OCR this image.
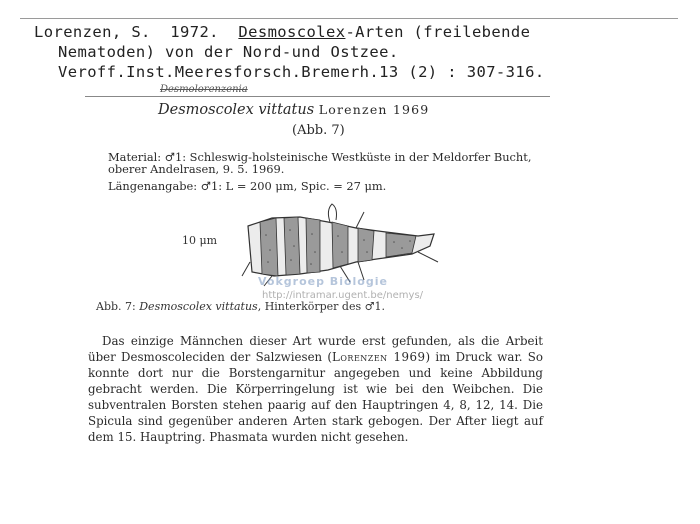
Lorenzen, S.  1972.  Desmoscolex-Arten (freilebende
Nematoden) von der Nord-und Ostzee.
Veroff.Inst.Meeresforsch.Bremerh.13 (2) : 307-316.
Desmolorenzenia
Desmoscolex vittatus Lorenzen 1969
(Abb. 7)
Material: ♂1: Schleswig-holsteinische Westküste in der Meldorfer Bucht, oberer Andelrasen, 9. 5. 1969.
Längenangabe: ♂1: L = 200 μm, Spic. = 27 μm.
10 μm
Vokgroep Biologie
http://intramar.ugent.be/nemys/
Abb. 7: Desmoscolex vittatus, Hinterkörper des ♂1.

Das einzige Männchen dieser Art wurde erst gefunden, als die Arbeit über Desmoscoleciden der Salzwiesen (Lorenzen 1969) im Druck war. So konnte dort nur die Borstengarnitur angegeben und keine Abbildung gebracht werden. Die Körperringelung ist wie bei den Weibchen. Die subventralen Borsten stehen paarig auf den Hauptringen 4, 8, 12, 14. Die Spicula sind gegenüber anderen Arten stark gebogen. Der After liegt auf dem 15. Hauptring. Phasmata wurden nicht gesehen.
